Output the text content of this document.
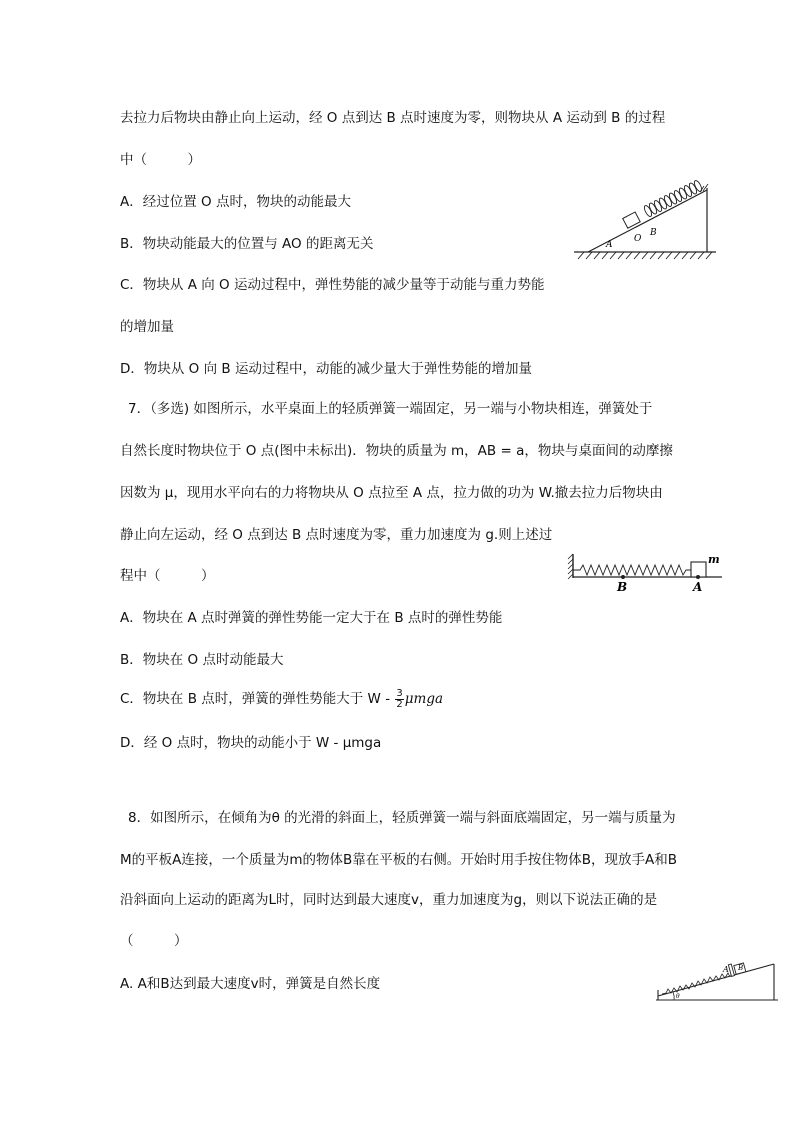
去拉力后物块由静止向上运动，经 O 点到达 B 点时速度为零，则物块从 A 运动到 B 的过程
中（　　　）
A．经过位置 O 点时，物块的动能最大
B．物块动能最大的位置与 AO 的距离无关
C．物块从 A 向 O 运动过程中，弹性势能的减少量等于动能与重力势能
的增加量
D．物块从 O 向 B 运动过程中，动能的减少量大于弹性势能的增加量
A
O
B
7．（多选) 如图所示，水平桌面上的轻质弹簧一端固定，另一端与小物块相连，弹簧处于
自然长度时物块位于 O 点(图中未标出)．物块的质量为 m，AB = a，物块与桌面间的动摩擦
因数为 μ，现用水平向右的力将物块从 O 点拉至 A 点，拉力做的功为 W.撤去拉力后物块由
静止向左运动，经 O 点到达 B 点时速度为零，重力加速度为 g.则上述过
程中（　　　）
A．物块在 A 点时弹簧的弹性势能一定大于在 B 点时的弹性势能
B．物块在 O 点时动能最大
C．物块在 B 点时，弹簧的弹性势能大于 W - $\frac{3}{2}$ μmga
D．经 O 点时，物块的动能小于 W - μmga
m
B	A
8．如图所示，在倾角为θ 的光滑的斜面上，轻质弹簧一端与斜面底端固定，另一端与质量为
M的平板A连接，一个质量为m的物体B靠在平板的右侧。开始时用手按住物体B，现放手A和B
沿斜面向上运动的距离为L时，同时达到最大速度v，重力加速度为g，则以下说法正确的是
（　　　）
A. A和B达到最大速度v时，弹簧是自然长度
A B
θ
